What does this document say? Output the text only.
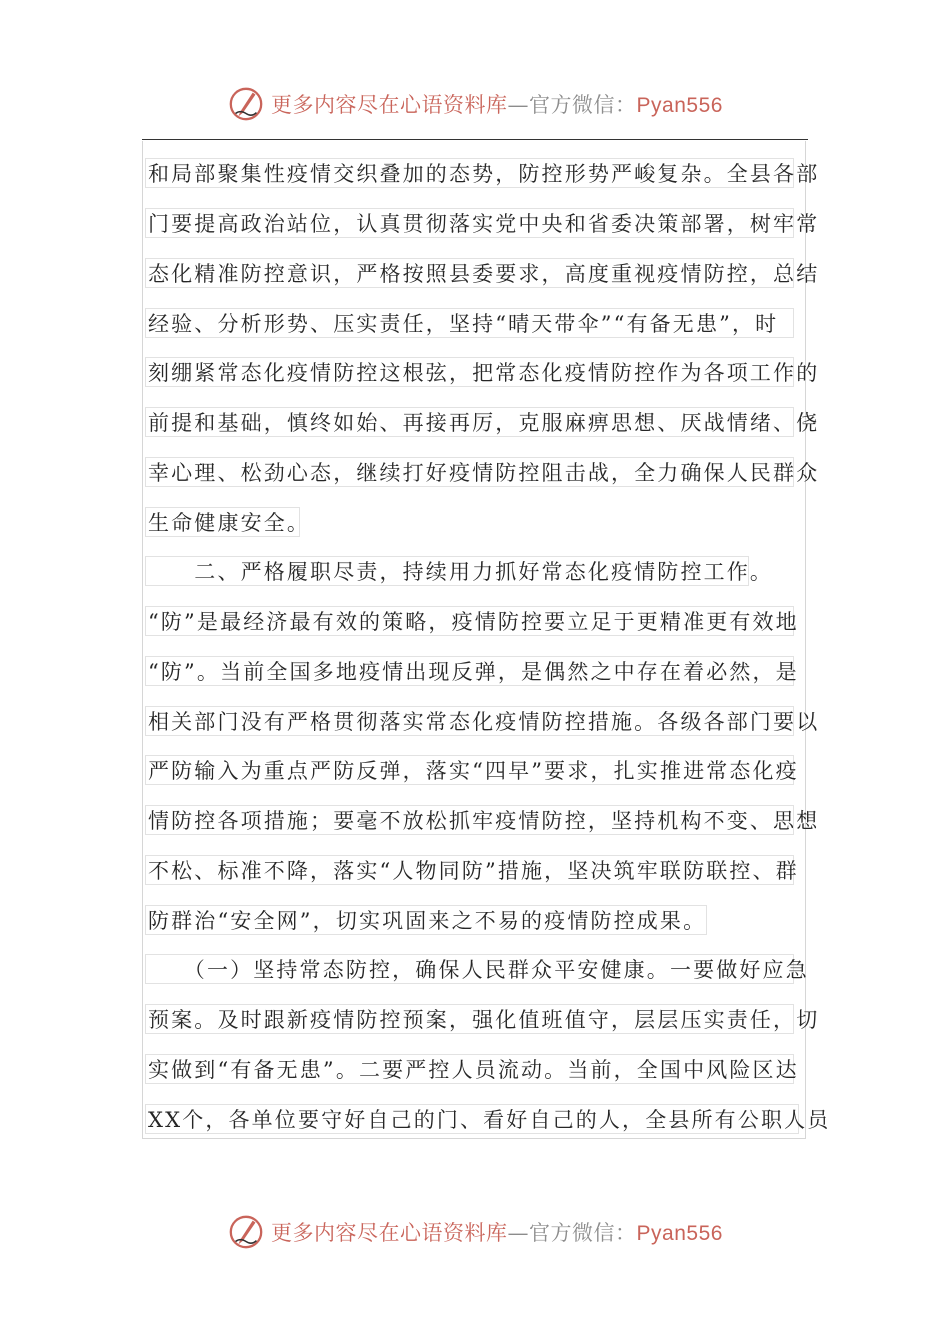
更多内容尽在心语资料库—官方微信：Pyan556
和局部聚集性疫情交织叠加的态势，防控形势严峻复杂。全县各部
门要提高政治站位，认真贯彻落实党中央和省委决策部署，树牢常
态化精准防控意识，严格按照县委要求，高度重视疫情防控，总结
经验、分析形势、压实责任，坚持“晴天带伞”“有备无患”，时
刻绷紧常态化疫情防控这根弦，把常态化疫情防控作为各项工作的
前提和基础，慎终如始、再接再厉，克服麻痹思想、厌战情绪、侥
幸心理、松劲心态，继续打好疫情防控阻击战，全力确保人民群众
生命健康安全。
　　二、严格履职尽责，持续用力抓好常态化疫情防控工作。
“防”是最经济最有效的策略，疫情防控要立足于更精准更有效地
“防”。当前全国多地疫情出现反弹，是偶然之中存在着必然，是
相关部门没有严格贯彻落实常态化疫情防控措施。各级各部门要以
严防输入为重点严防反弹，落实“四早”要求，扎实推进常态化疫
情防控各项措施；要毫不放松抓牢疫情防控，坚持机构不变、思想
不松、标准不降，落实“人物同防”措施，坚决筑牢联防联控、群
防群治“安全网”，切实巩固来之不易的疫情防控成果。
　　（一）坚持常态防控，确保人民群众平安健康。一要做好应急
预案。及时跟新疫情防控预案，强化值班值守，层层压实责任，切
实做到“有备无患”。二要严控人员流动。当前，全国中风险区达
XX个，各单位要守好自己的门、看好自己的人，全县所有公职人员
更多内容尽在心语资料库—官方微信：Pyan556
